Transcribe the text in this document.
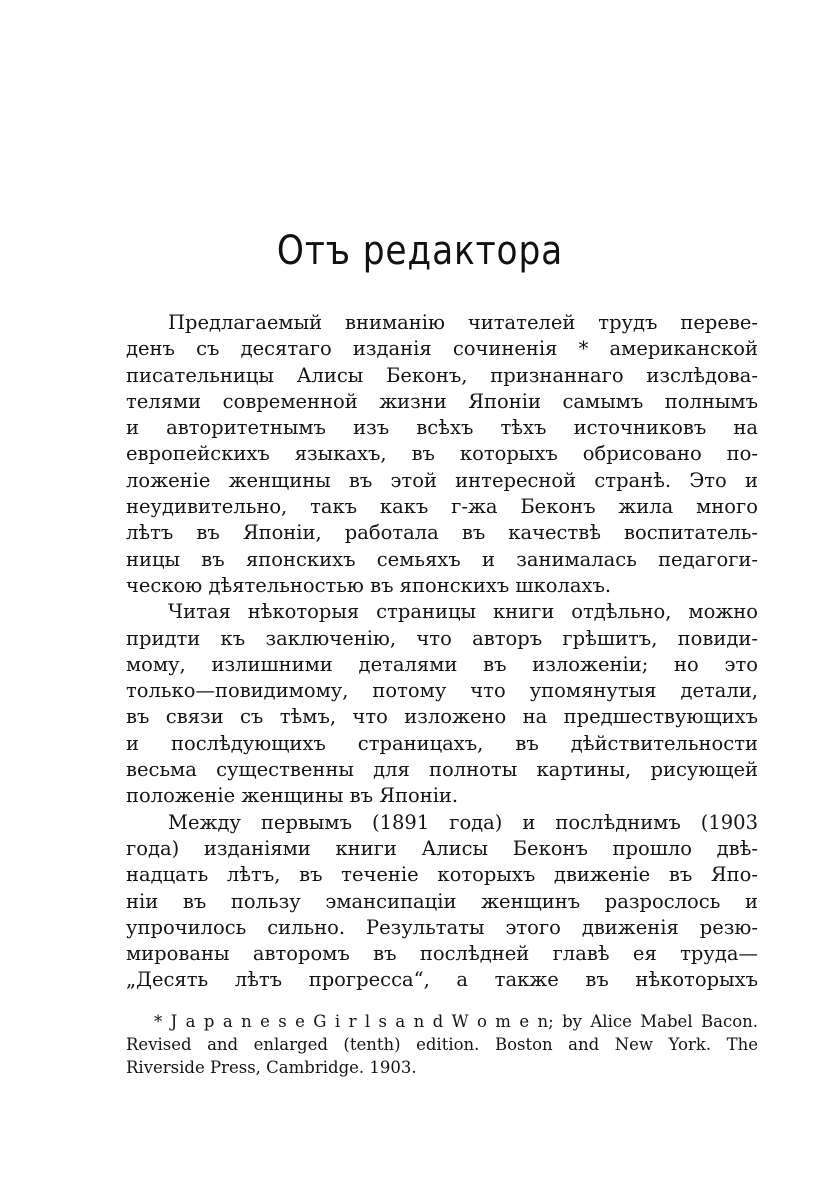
Отъ редактора
Предлагаемый вниманію читателей трудъ переве-
денъ съ десятаго изданія сочиненія * американской
писательницы Алисы Беконъ, признаннаго изслѣдова-
телями современной жизни Японіи самымъ полнымъ
и авторитетнымъ изъ всѣхъ тѣхъ источниковъ на
европейскихъ языкахъ, въ которыхъ обрисовано по-
ложеніе женщины въ этой интересной странѣ. Это и
неудивительно, такъ какъ г-жа Беконъ жила много
лѣтъ въ Японіи, работала въ качествѣ воспитатель-
ницы въ японскихъ семьяхъ и занималась педагоги-
ческою дѣятельностью въ японскихъ школахъ.
Читая нѣкоторыя страницы книги отдѣльно, можно
придти къ заключенію, что авторъ грѣшитъ, повиди-
мому, излишними деталями въ изложеніи; но это
только—повидимому, потому что упомянутыя детали,
въ связи съ тѣмъ, что изложено на предшествующихъ
и послѣдующихъ страницахъ, въ дѣйствительности
весьма существенны для полноты картины, рисующей
положеніе женщины въ Японіи.
Между первымъ (1891 года) и послѣднимъ (1903
года) изданіями книги Алисы Беконъ прошло двѣ-
надцать лѣтъ, въ теченіе которыхъ движеніе въ Япо-
ніи въ пользу эмансипаціи женщинъ разрослось и
упрочилось сильно. Результаты этого движенія резю-
мированы авторомъ въ послѣдней главѣ ея труда—
„Десять лѣтъ прогресса“, а также въ нѣкоторыхъ
* J a p a n e s e G i r l s a n d W o m e n; by Alice Mabel Bacon.
Revised and enlarged (tenth) edition. Boston and New York. The
Riverside Press, Cambridge. 1903.
